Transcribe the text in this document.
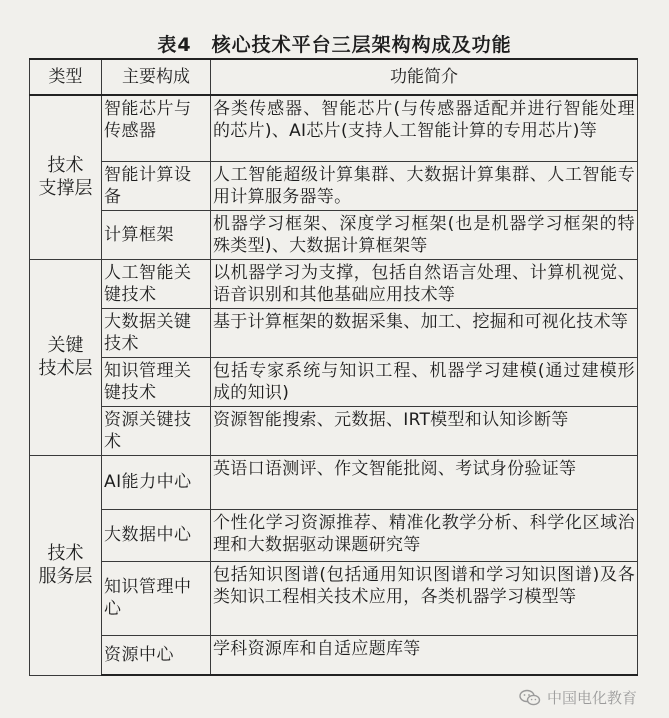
表4　核心技术平台三层架构构成及功能
类型	主要构成	功能简介
技术
支撑层	智能芯片与传感器	各类传感器、智能芯片(与传感器适配并进行智能处理的芯片)、AI芯片(支持人工智能计算的专用芯片)等
	智能计算设备	人工智能超级计算集群、大数据计算集群、人工智能专用计算服务器等。
	计算框架	机器学习框架、深度学习框架(也是机器学习框架的特殊类型)、大数据计算框架等
关键
技术层	人工智能关键技术	以机器学习为支撑，包括自然语言处理、计算机视觉、语音识别和其他基础应用技术等
	大数据关键技术	基于计算框架的数据采集、加工、挖掘和可视化技术等
	知识管理关键技术	包括专家系统与知识工程、机器学习建模(通过建模形成的知识)
	资源关键技术	资源智能搜索、元数据、IRT模型和认知诊断等
技术
服务层	AI能力中心	英语口语测评、作文智能批阅、考试身份验证等
	大数据中心	个性化学习资源推荐、精准化教学分析、科学化区域治理和大数据驱动课题研究等
	知识管理中心	包括知识图谱(包括通用知识图谱和学习知识图谱)及各类知识工程相关技术应用，各类机器学习模型等
	资源中心	学科资源库和自适应题库等
中国电化教育
